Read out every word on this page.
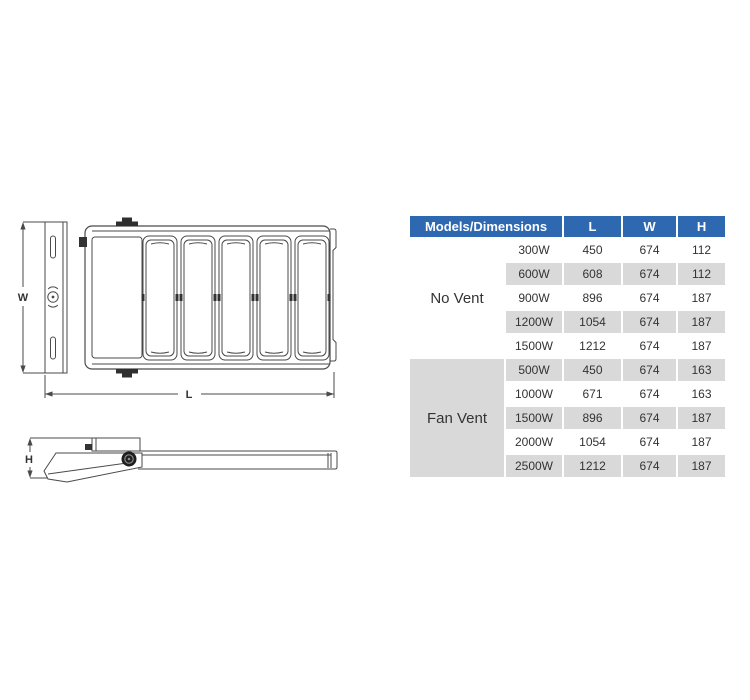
W
L
H
Models/Dimensions		L	W	H
No Vent	300W	450	674	112
	600W	608	674	112
	900W	896	674	187
	1200W	1054	674	187
	1500W	1212	674	187
Fan Vent	500W	450	674	163
	1000W	671	674	163
	1500W	896	674	187
	2000W	1054	674	187
	2500W	1212	674	187
